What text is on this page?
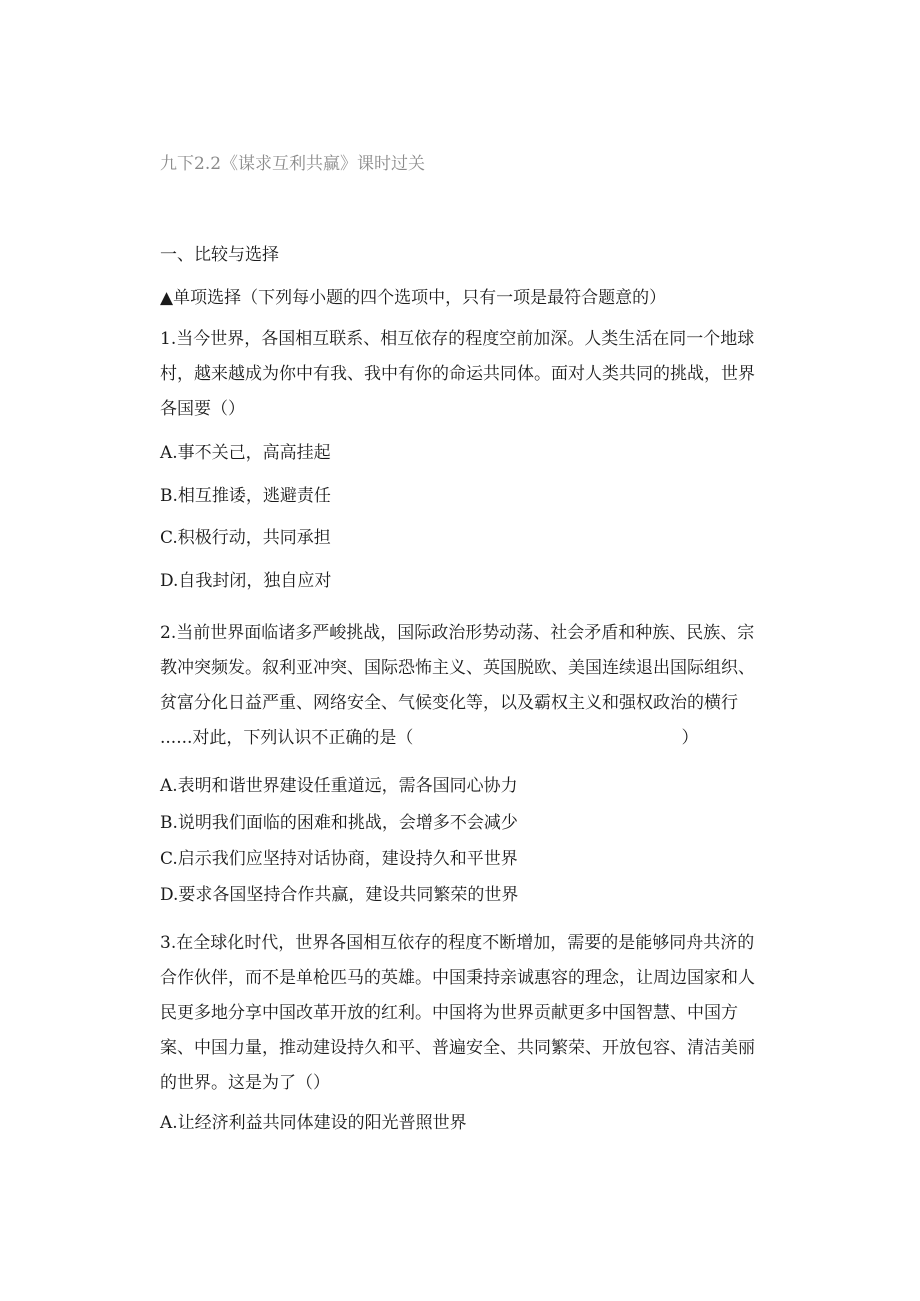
九下2.2《谋求互利共赢》课时过关
一、比较与选择
▲单项选择（下列每小题的四个选项中，只有一项是最符合题意的）
1.当今世界，各国相互联系、相互依存的程度空前加深。人类生活在同一个地球
村，越来越成为你中有我、我中有你的命运共同体。面对人类共同的挑战，世界
各国要（）
A.事不关己，高高挂起
B.相互推诿，逃避责任
C.积极行动，共同承担
D.自我封闭，独自应对
2.当前世界面临诸多严峻挑战，国际政治形势动荡、社会矛盾和种族、民族、宗
教冲突频发。叙利亚冲突、国际恐怖主义、英国脱欧、美国连续退出国际组织、
贫富分化日益严重、网络安全、气候变化等，以及霸权主义和强权政治的横行
......对此，下列认识不正确的是（	）
A.表明和谐世界建设任重道远，需各国同心协力
B.说明我们面临的困难和挑战，会增多不会减少
C.启示我们应坚持对话协商，建设持久和平世界
D.要求各国坚持合作共赢，建设共同繁荣的世界
3.在全球化时代，世界各国相互依存的程度不断增加，需要的是能够同舟共济的
合作伙伴，而不是单枪匹马的英雄。中国秉持亲诚惠容的理念，让周边国家和人
民更多地分享中国改革开放的红利。中国将为世界贡献更多中国智慧、中国方
案、中国力量，推动建设持久和平、普遍安全、共同繁荣、开放包容、清洁美丽
的世界。这是为了（）
A.让经济利益共同体建设的阳光普照世界
